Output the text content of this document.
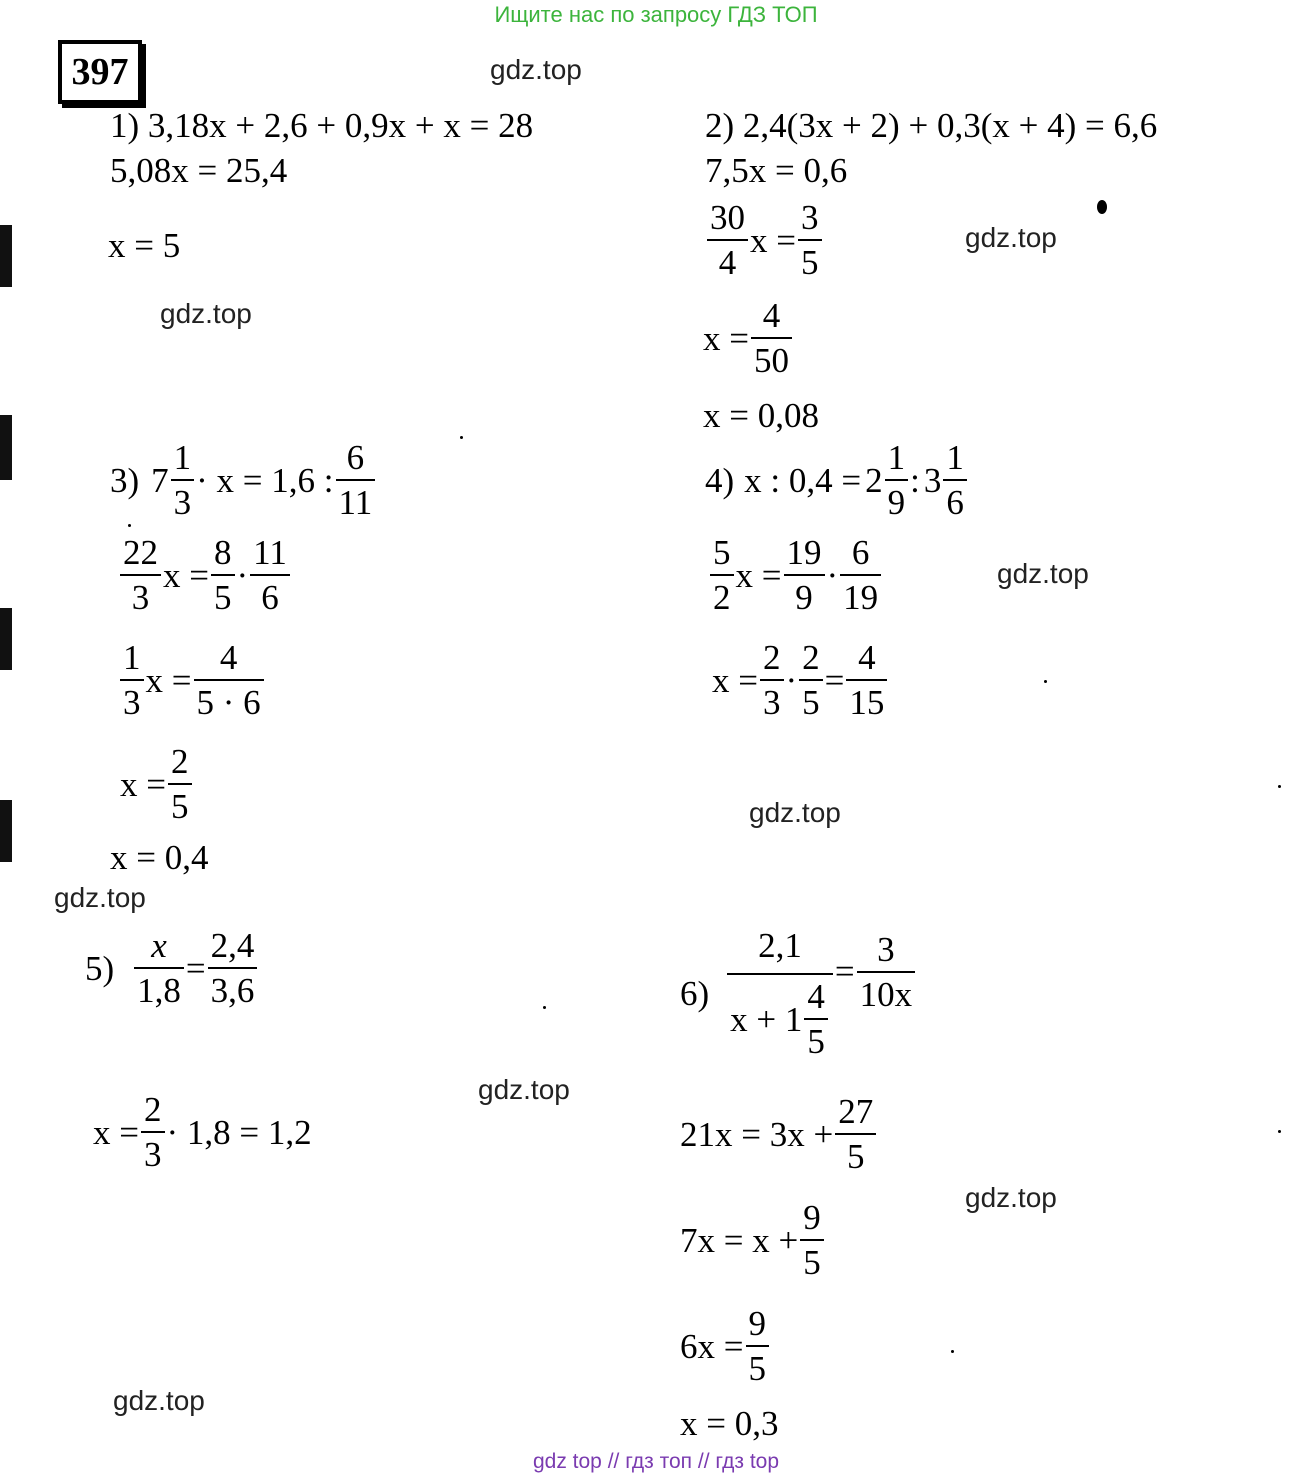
Ищите нас по запросу ГДЗ ТОП
397	gdz.top
gdz.top
gdz.top
gdz.top
gdz.top
gdz.top
gdz.top
gdz.top
gdz.top
1) 3,18x + 2,6 + 0,9x + x = 28
5,08x = 25,4
x = 5
2) 2,4(3x + 2) + 0,3(x + 4) = 6,6
7,5x = 0,6
$\frac{30}{4}$ $x = \frac{3}{5}$
$x = \frac{4}{50}$
x = 0,08
3) $7 \frac{1}{3} \cdot x = 1,6$ : $\frac{6}{11}$
$\frac{22}{3}$ $x = \frac{8}{5} \cdot \frac{11}{6}$
$\frac{1}{3}$ $x = \frac{4}{5 \cdot 6}$
$x = \frac{2}{5}$
x = 0,4
4) x : $0,4 = 2 \frac{1}{9}$ : $3 \frac{1}{6}$
$\frac{5}{2}$ $x = \frac{19}{9} \cdot \frac{6}{19}$
$x = \frac{2}{3} \cdot \frac{2}{5} = \frac{4}{15}$
$5) \frac{x}{1,8} = \frac{2,4}{3,6}$
$x = \frac{2}{3} \cdot 1,8 = 1,2$
$6) \frac{2,1}{x + 1 \frac{4}{5}} = \frac{3}{10x}$
$21x = 3x + \frac{27}{5}$
$7x = x + \frac{9}{5}$
$6x = \frac{9}{5}$
x = 0,3
gdz top // гдз топ // гдз top
